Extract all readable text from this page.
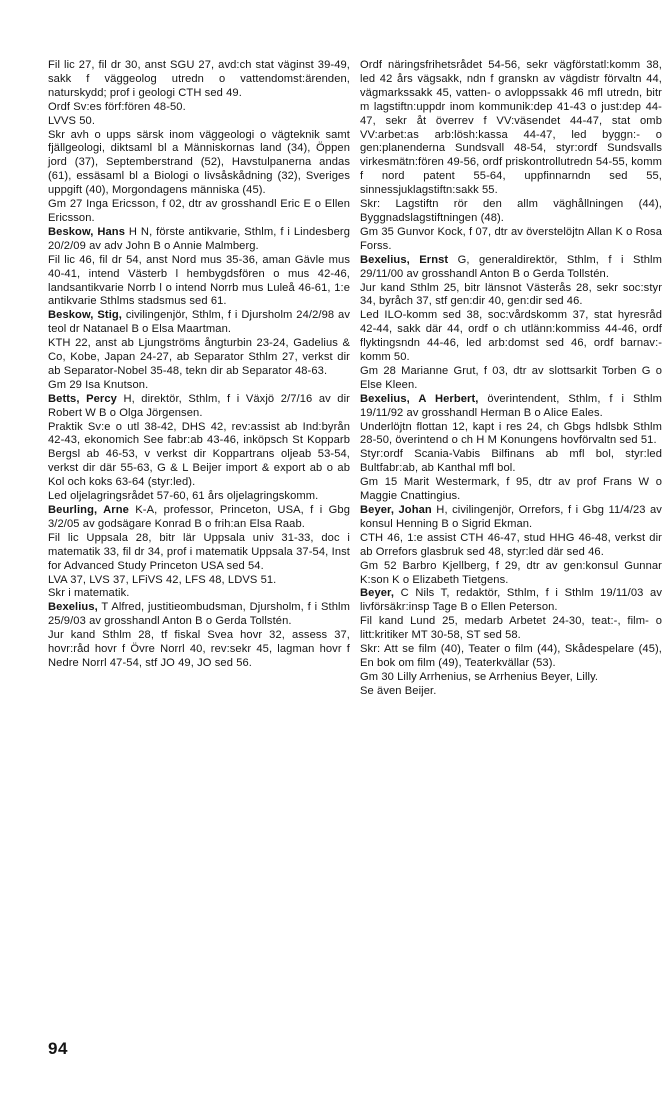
Fil lic 27, fil dr 30, anst SGU 27, avd:ch stat väginst 39-49, sakk f väggeolog utredn o vattendomst:ärenden, naturskydd; prof i geologi CTH sed 49.

Ordf Sv:es förf:fören 48-50.

LVVS 50.

Skr avh o upps särsk inom väggeologi o vägteknik samt fjällgeologi, diktsaml bl a Människornas land (34), Öppen jord (37), Septemberstrand (52), Havstulpanerna andas (61), essäsaml bl a Biologi o livsåskådning (32), Sveriges uppgift (40), Morgondagens människa (45).

Gm 27 Inga Ericsson, f 02, dtr av grosshandl Eric E o Ellen Ericsson.

Beskow, Hans H N, förste antikvarie, Sthlm, f i Lindesberg 20/2/09 av adv John B o Annie Malmberg.

Fil lic 46, fil dr 54, anst Nord mus 35-36, aman Gävle mus 40-41, intend Västerb l hembygdsfören o mus 42-46, landsantikvarie Norrb l o intend Norrb mus Luleå 46-61, 1:e antikvarie Sthlms stadsmus sed 61.

Beskow, Stig, civilingenjör, Sthlm, f i Djursholm 24/2/98 av teol dr Natanael B o Elsa Maartman.

KTH 22, anst ab Ljungströms ångturbin 23-24, Gadelius & Co, Kobe, Japan 24-27, ab Separator Sthlm 27, verkst dir ab Separator-Nobel 35-48, tekn dir ab Separator 48-63.

Gm 29 Isa Knutson.

Betts, Percy H, direktör, Sthlm, f i Växjö 2/7/16 av dir Robert W B o Olga Jörgensen.

Praktik Sv:e o utl 38-42, DHS 42, rev:assist ab Ind:byrån 42-43, ekonomich See fabr:ab 43-46, inköpsch St Kopparb Bergsl ab 46-53, v verkst dir Koppartrans oljeab 53-54, verkst dir där 55-63, G & L Beijer import & export ab o ab Kol och koks 63-64 (styr:led).

Led oljelagringsrådet 57-60, 61 års oljelagringskomm.

Beurling, Arne K-A, professor, Princeton, USA, f i Gbg 3/2/05 av godsägare Konrad B o frih:an Elsa Raab.

Fil lic Uppsala 28, bitr lär Uppsala univ 31-33, doc i matematik 33, fil dr 34, prof i matematik Uppsala 37-54, Inst for Advanced Study Princeton USA sed 54.

LVA 37, LVS 37, LFiVS 42, LFS 48, LDVS 51.

Skr i matematik.

Bexelius, T Alfred, justitieombudsman, Djursholm, f i Sthlm 25/9/03 av grosshandl Anton B o Gerda Tollstén.

Jur kand Sthlm 28, tf fiskal Svea hovr 32, assess 37, hovr:råd hovr f Övre Norrl 40, rev:sekr 45, lagman hovr f Nedre Norrl 47-54, stf JO 49, JO sed 56.

Ordf näringsfrihetsrådet 54-56, sekr vägförstatl:komm 38, led 42 års vägsakk, ndn f granskn av vägdistr förvaltn 44, vägmarkssakk 45, vatten- o avloppssakk 46 mfl utredn, bitr m lagstiftn:uppdr inom kommunik:dep 41-43 o just:dep 44-47, sekr åt överrev f VV:väsendet 44-47, stat omb VV:arbet:as arb:lösh:kassa 44-47, led byggn:- o gen:planenderna Sundsvall 48-54, styr:ordf Sundsvalls virkesmätn:fören 49-56, ordf priskontrollutredn 54-55, komm f nord patent 55-64, uppfinnarndn sed 55, sinnessjuklagstiftn:sakk 55.

Skr: Lagstiftn rör den allm väghållningen (44), Byggnadslagstiftningen (48).

Gm 35 Gunvor Kock, f 07, dtr av överstelöjtn Allan K o Rosa Forss.

Bexelius, Ernst G, generaldirektör, Sthlm, f i Sthlm 29/11/00 av grosshandl Anton B o Gerda Tollstén.

Jur kand Sthlm 25, bitr länsnot Västerås 28, sekr soc:styr 34, byråch 37, stf gen:dir 40, gen:dir sed 46.

Led ILO-komm sed 38, soc:vårdskomm 37, stat hyresråd 42-44, sakk där 44, ordf o ch utlänn:kommiss 44-46, ordf flyktingsndn 44-46, led arb:domst sed 46, ordf barnav:komm 50.

Gm 28 Marianne Grut, f 03, dtr av slottsarkit Torben G o Else Kleen.

Bexelius, A Herbert, överintendent, Sthlm, f i Sthlm 19/11/92 av grosshandl Herman B o Alice Eales.

Underlöjtn flottan 12, kapt i res 24, ch Gbgs hdlsbk Sthlm 28-50, överintend o ch H M Konungens hovförvaltn sed 51.

Styr:ordf Scania-Vabis Bilfinans ab mfl bol, styr:led Bultfabr:ab, ab Kanthal mfl bol.

Gm 15 Marit Westermark, f 95, dtr av prof Frans W o Maggie Cnattingius.

Beyer, Johan H, civilingenjör, Orrefors, f i Gbg 11/4/23 av konsul Henning B o Sigrid Ekman.

CTH 46, 1:e assist CTH 46-47, stud HHG 46-48, verkst dir ab Orrefors glasbruk sed 48, styr:led där sed 46.

Gm 52 Barbro Kjellberg, f 29, dtr av gen:konsul Gunnar K:son K o Elizabeth Tietgens.

Beyer, C Nils T, redaktör, Sthlm, f i Sthlm 19/11/03 av livförsäkr:insp Tage B o Ellen Peterson.

Fil kand Lund 25, medarb Arbetet 24-30, teat:-, film- o litt:kritiker MT 30-58, ST sed 58.

Skr: Att se film (40), Teater o film (44), Skådespelare (45), En bok om film (49), Teaterkvällar (53).

Gm 30 Lilly Arrhenius, se Arrhenius Beyer, Lilly.

Se även Beijer.

94
